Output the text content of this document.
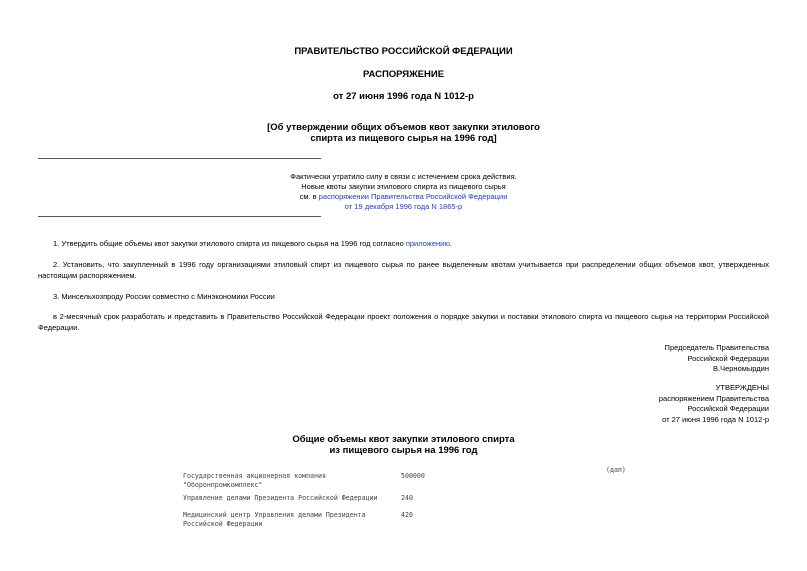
ПРАВИТЕЛЬСТВО РОССИЙСКОЙ ФЕДЕРАЦИИ
РАСПОРЯЖЕНИЕ
от 27 июня 1996 года N 1012-р
[Об утверждении общих объемов квот закупки этилового
спирта из пищевого сырья на 1996 год]
Фактически утратило силу в связи с истечением срока действия.
Новые квоты закупки этилового спирта из пищевого сырья
см. в распоряжении Правительства Российской Федерации
от 19 декабря 1996 года N 1865-р
1. Утвердить общие объемы квот закупки этилового спирта из пищевого сырья на 1996 год согласно приложению.
2. Установить, что закупленный в 1996 году организациями этиловый спирт из пищевого сырья по ранее выделенным квотам учитывается при распределении общих объемов квот, утвержденных настоящим распоряжением.
3. Минсельхозпроду России совместно с Минэкономики России
в 2-месячный срок разработать и представить в Правительство Российской Федерации проект положения о порядке закупки и поставки этилового спирта из пищевого сырья на территории Российской Федерации.
Председатель Правительства
Российской Федерации
В.Черномырдин
УТВЕРЖДЕНЫ
распоряжением Правительства
Российской Федерации
от 27 июня 1996 года N 1012-р
Общие объемы квот закупки этилового спирта
из пищевого сырья на 1996 год
(дал)
Государственная акционерная компания
"Оборонпромкомплекс"
500000
Управление делами Президента Российской Федерации	240
Медицинский центр Управления делами Президента
Российской Федерации
420
